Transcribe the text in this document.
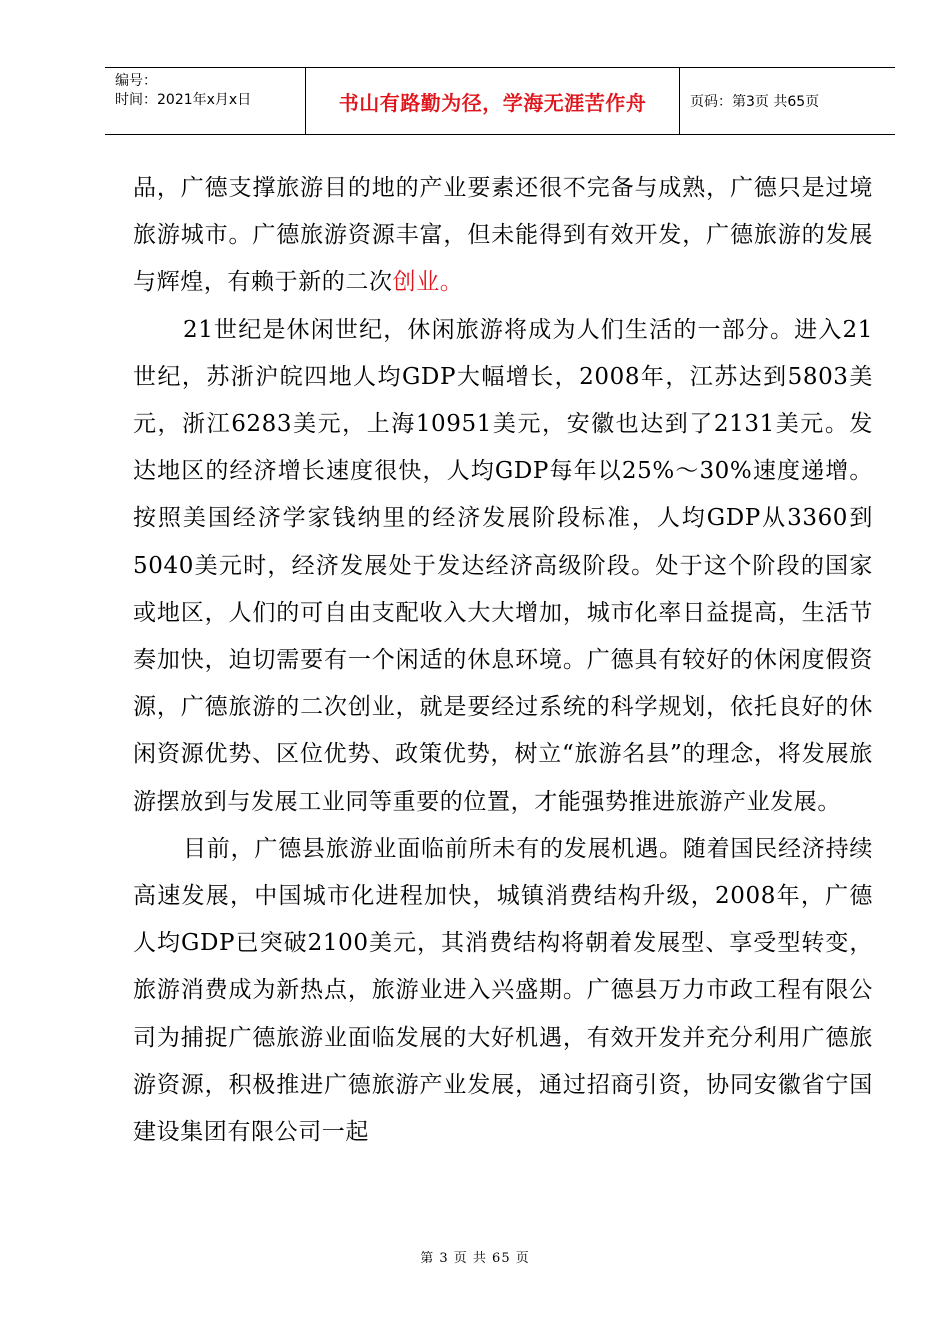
编号：
时间：2021年x月x日	书山有路勤为径，学海无涯苦作舟	页码：第3页 共65页

品，广德支撑旅游目的地的产业要素还很不完备与成熟，广德只是过境旅游城市。广德旅游资源丰富，但未能得到有效开发，广德旅游的发展与辉煌，有赖于新的二次创业。

21世纪是休闲世纪，休闲旅游将成为人们生活的一部分。进入21世纪，苏浙沪皖四地人均GDP大幅增长，2008年，江苏达到5803美元，浙江6283美元，上海10951美元，安徽也达到了2131美元。发达地区的经济增长速度很快，人均GDP每年以25%～30%速度递增。按照美国经济学家钱纳里的经济发展阶段标准，人均GDP从3360到5040美元时，经济发展处于发达经济高级阶段。处于这个阶段的国家或地区，人们的可自由支配收入大大增加，城市化率日益提高，生活节奏加快，迫切需要有一个闲适的休息环境。广德具有较好的休闲度假资源，广德旅游的二次创业，就是要经过系统的科学规划，依托良好的休闲资源优势、区位优势、政策优势，树立“旅游名县”的理念，将发展旅游摆放到与发展工业同等重要的位置，才能强势推进旅游产业发展。

目前，广德县旅游业面临前所未有的发展机遇。随着国民经济持续高速发展，中国城市化进程加快，城镇消费结构升级，2008年，广德人均GDP已突破2100美元，其消费结构将朝着发展型、享受型转变，旅游消费成为新热点，旅游业进入兴盛期。广德县万力市政工程有限公司为捕捉广德旅游业面临发展的大好机遇，有效开发并充分利用广德旅游资源，积极推进广德旅游产业发展，通过招商引资，协同安徽省宁国建设集团有限公司一起

第 3 页 共 65 页
